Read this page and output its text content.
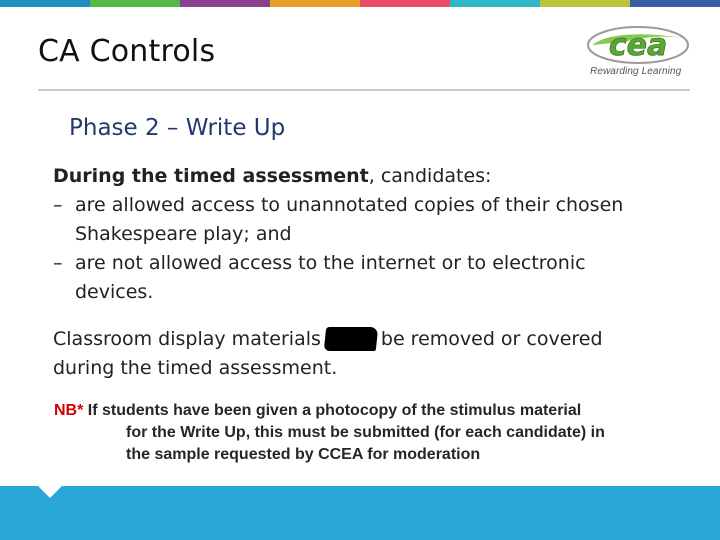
CA Controls	cea
Rewarding Learning
Phase 2 – Write Up
During the timed assessment, candidates:
– are allowed access to unannotated copies of their chosen
Shakespeare play; and
– are not allowed access to the internet or to electronic
devices.
Classroom display materials	be removed or covered
during the timed assessment.
NB* If students have been given a photocopy of the stimulus material
for the Write Up, this must be submitted (for each candidate) in
the sample requested by CCEA for moderation
